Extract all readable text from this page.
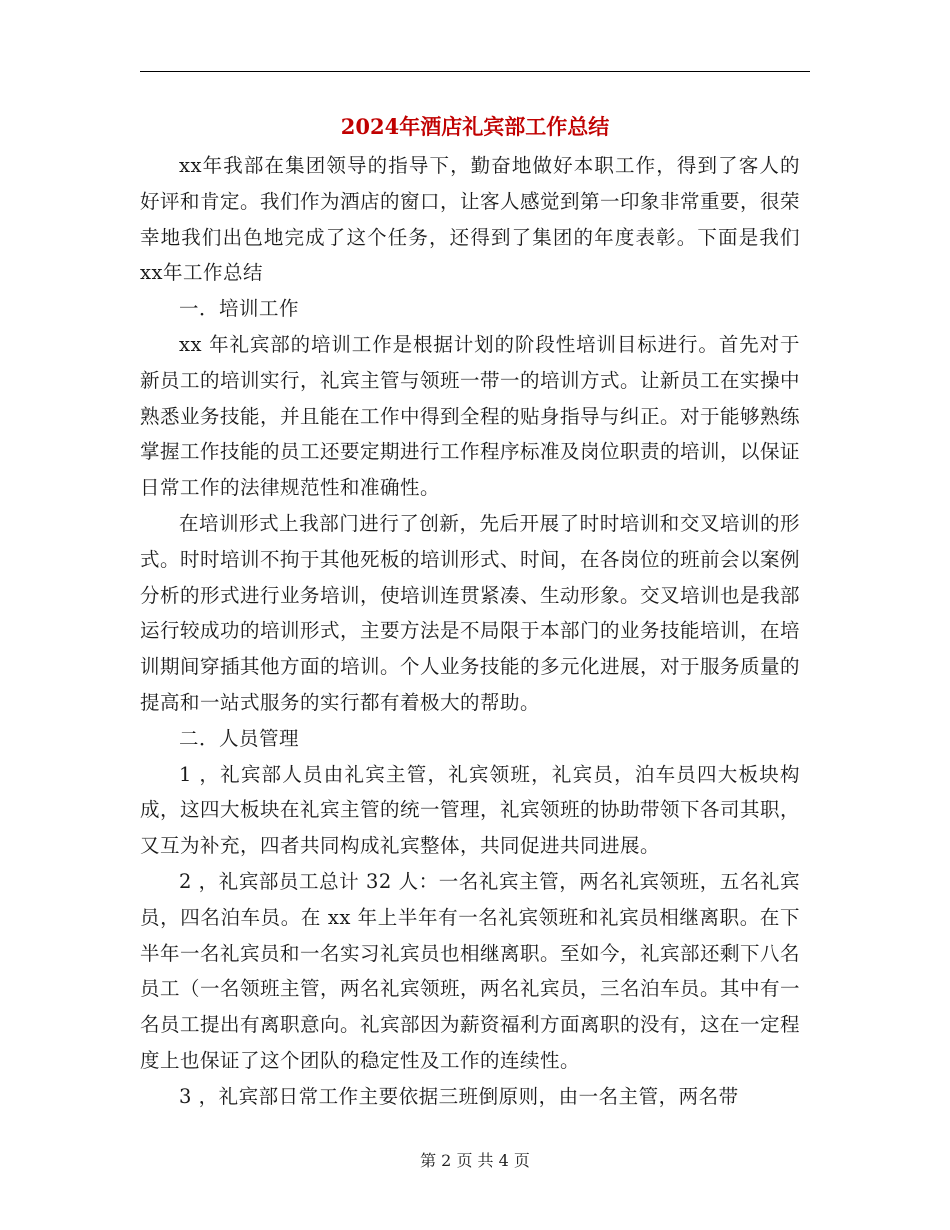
2024年酒店礼宾部工作总结

xx年我部在集团领导的指导下，勤奋地做好本职工作，得到了客人的好评和肯定。我们作为酒店的窗口，让客人感觉到第一印象非常重要，很荣幸地我们出色地完成了这个任务，还得到了集团的年度表彰。下面是我们xx年工作总结

一．培训工作

xx 年礼宾部的培训工作是根据计划的阶段性培训目标进行。首先对于新员工的培训实行，礼宾主管与领班一带一的培训方式。让新员工在实操中熟悉业务技能，并且能在工作中得到全程的贴身指导与纠正。对于能够熟练掌握工作技能的员工还要定期进行工作程序标准及岗位职责的培训，以保证日常工作的法律规范性和准确性。

在培训形式上我部门进行了创新，先后开展了时时培训和交叉培训的形式。时时培训不拘于其他死板的培训形式、时间，在各岗位的班前会以案例分析的形式进行业务培训，使培训连贯紧凑、生动形象。交叉培训也是我部运行较成功的培训形式，主要方法是不局限于本部门的业务技能培训，在培训期间穿插其他方面的培训。个人业务技能的多元化进展，对于服务质量的提高和一站式服务的实行都有着极大的帮助。

二．人员管理

1 ，礼宾部人员由礼宾主管，礼宾领班，礼宾员，泊车员四大板块构成，这四大板块在礼宾主管的统一管理，礼宾领班的协助带领下各司其职，又互为补充，四者共同构成礼宾整体，共同促进共同进展。

2 ，礼宾部员工总计 32 人：一名礼宾主管，两名礼宾领班，五名礼宾员，四名泊车员。在 xx 年上半年有一名礼宾领班和礼宾员相继离职。在下半年一名礼宾员和一名实习礼宾员也相继离职。至如今，礼宾部还剩下八名员工（一名领班主管，两名礼宾领班，两名礼宾员，三名泊车员。其中有一名员工提出有离职意向。礼宾部因为薪资福利方面离职的没有，这在一定程度上也保证了这个团队的稳定性及工作的连续性。

3 ，礼宾部日常工作主要依据三班倒原则，由一名主管，两名带

第 2 页 共 4 页
